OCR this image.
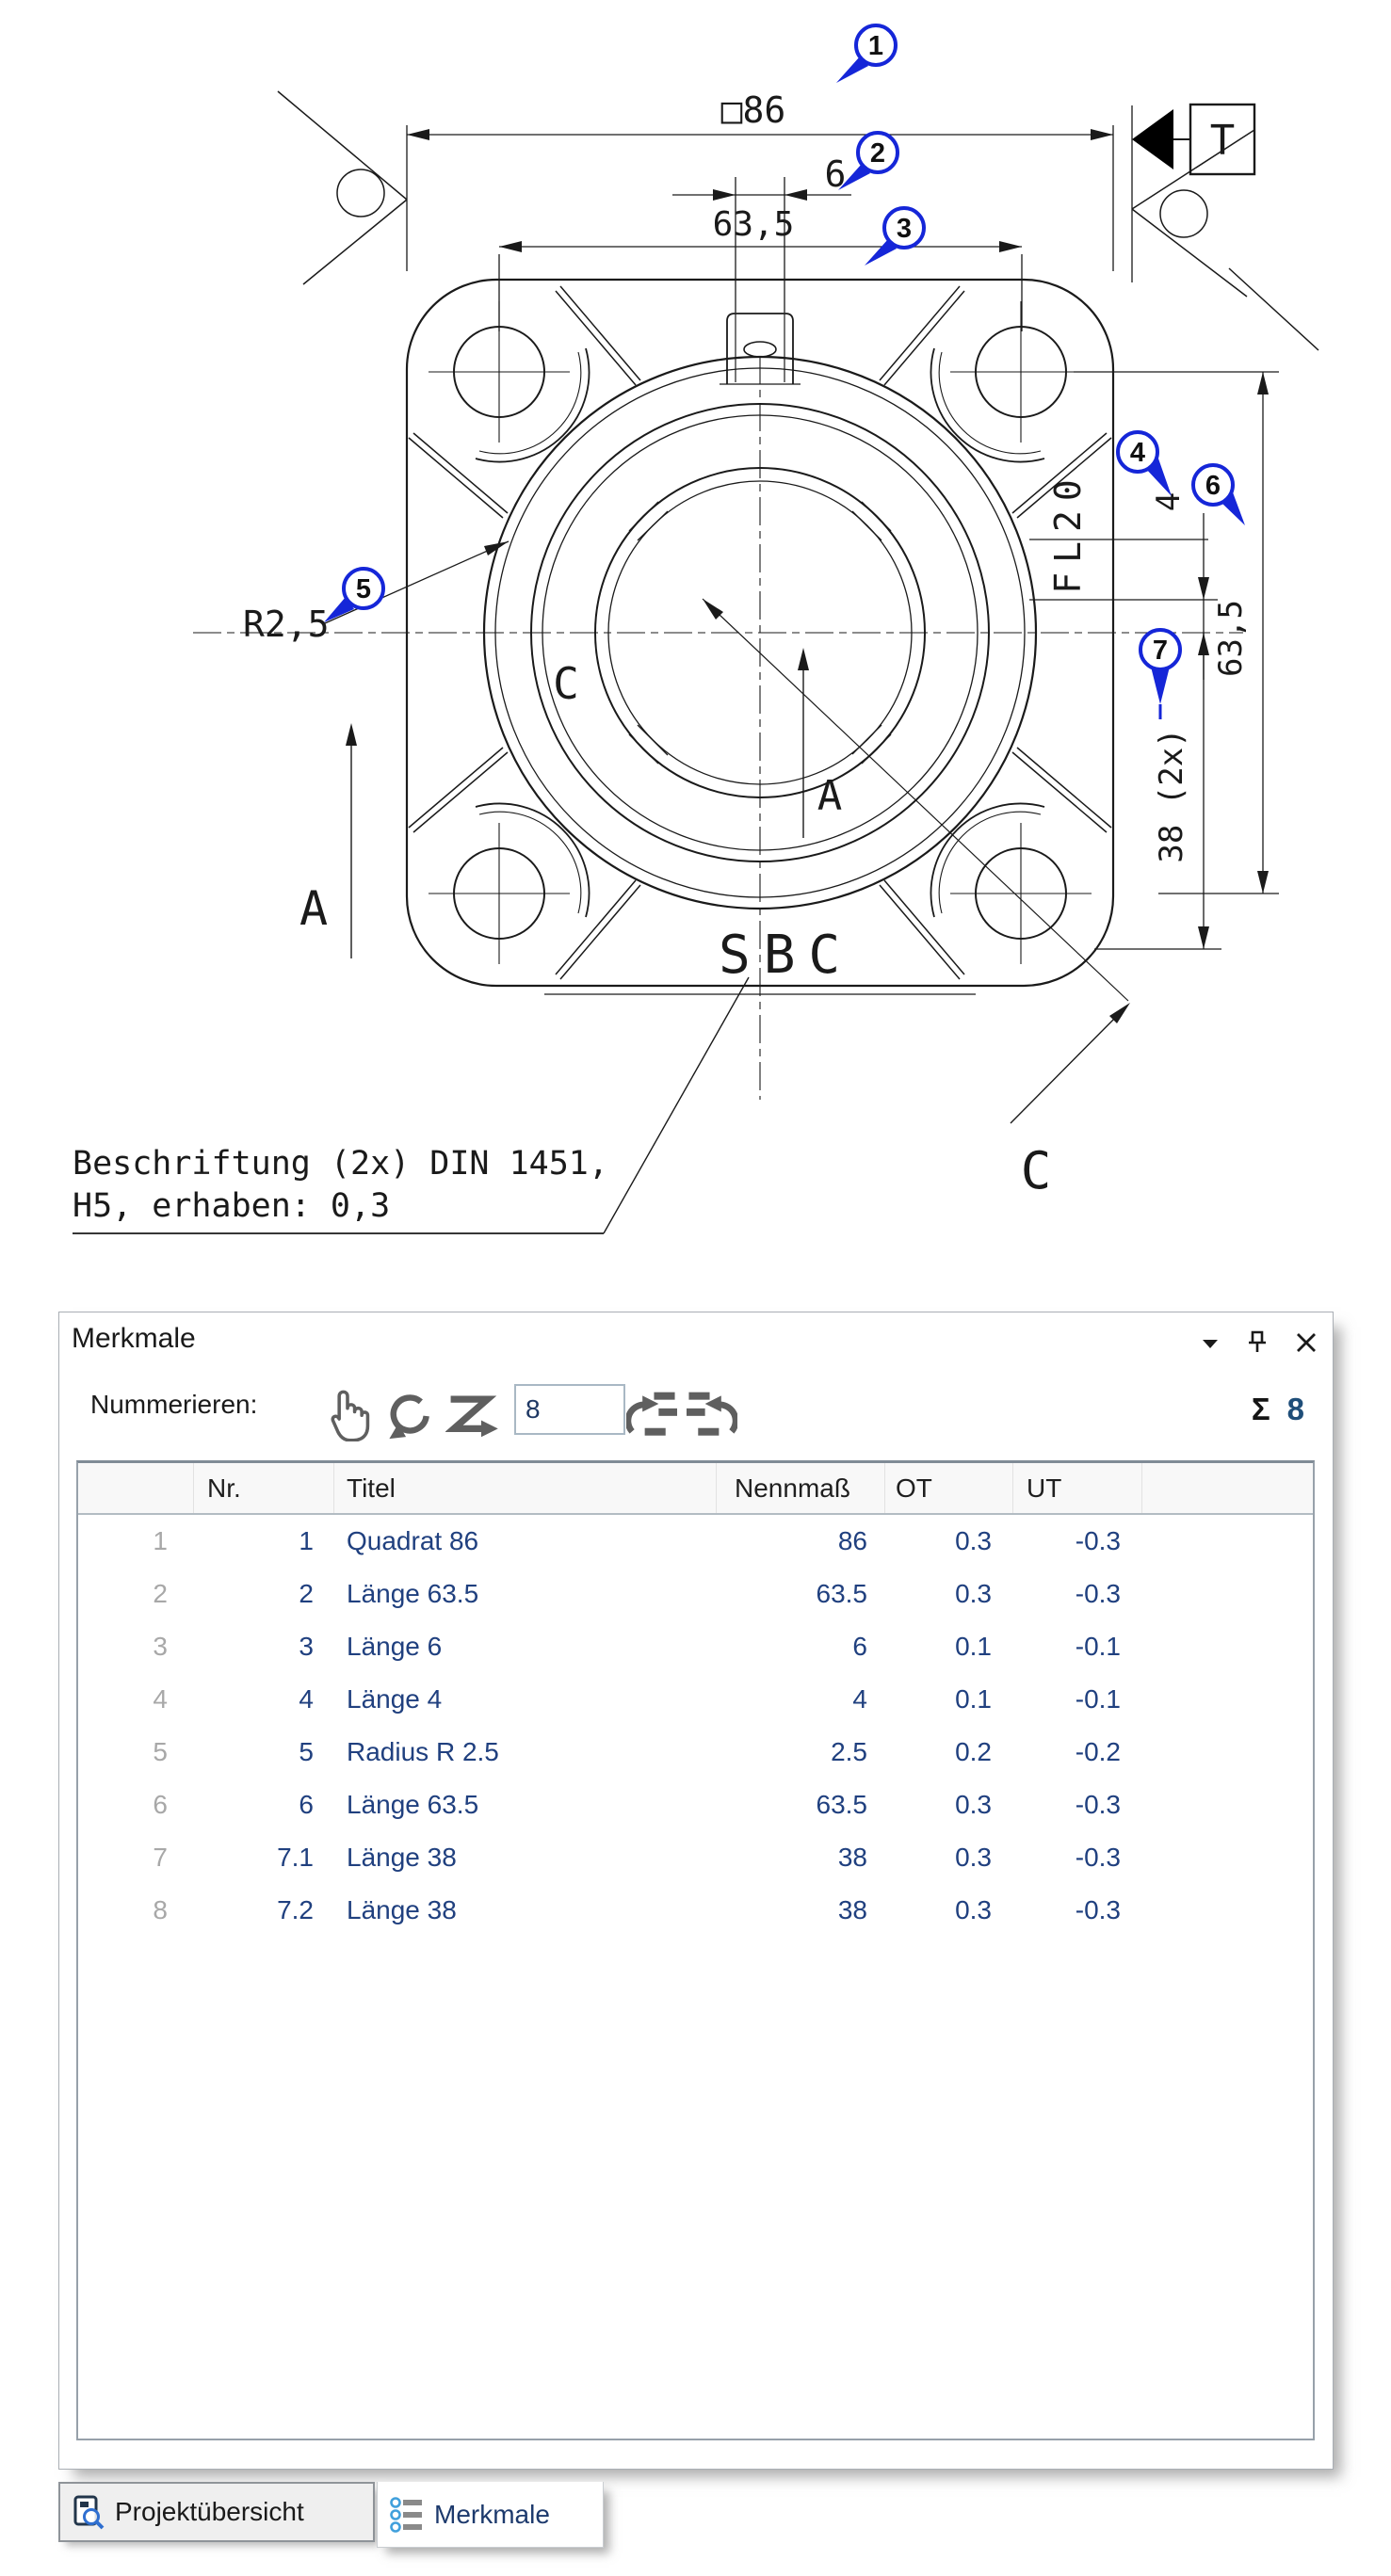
□86
63,5
6
4
63,5
38 (2x)
FL20
R2,5
T
A
A
C
C
SBC
Beschriftung (2x) DIN 1451,
H5, erhaben: 0,3
1
2
3
4
5
6
7
Merkmale
Nummerieren:
8	Σ 8
Nr.	Titel	Nennmaß	OT	UT
1	1	Quadrat 86	86	0.3	-0.3
2	2	Länge 63.5	63.5	0.3	-0.3
3	3	Länge 6	6	0.1	-0.1
4	4	Länge 4	4	0.1	-0.1
5	5	Radius R 2.5	2.5	0.2	-0.2
6	6	Länge 63.5	63.5	0.3	-0.3
7	7.1	Länge 38	38	0.3	-0.3
8	7.2	Länge 38	38	0.3	-0.3
Projektübersicht	Merkmale
